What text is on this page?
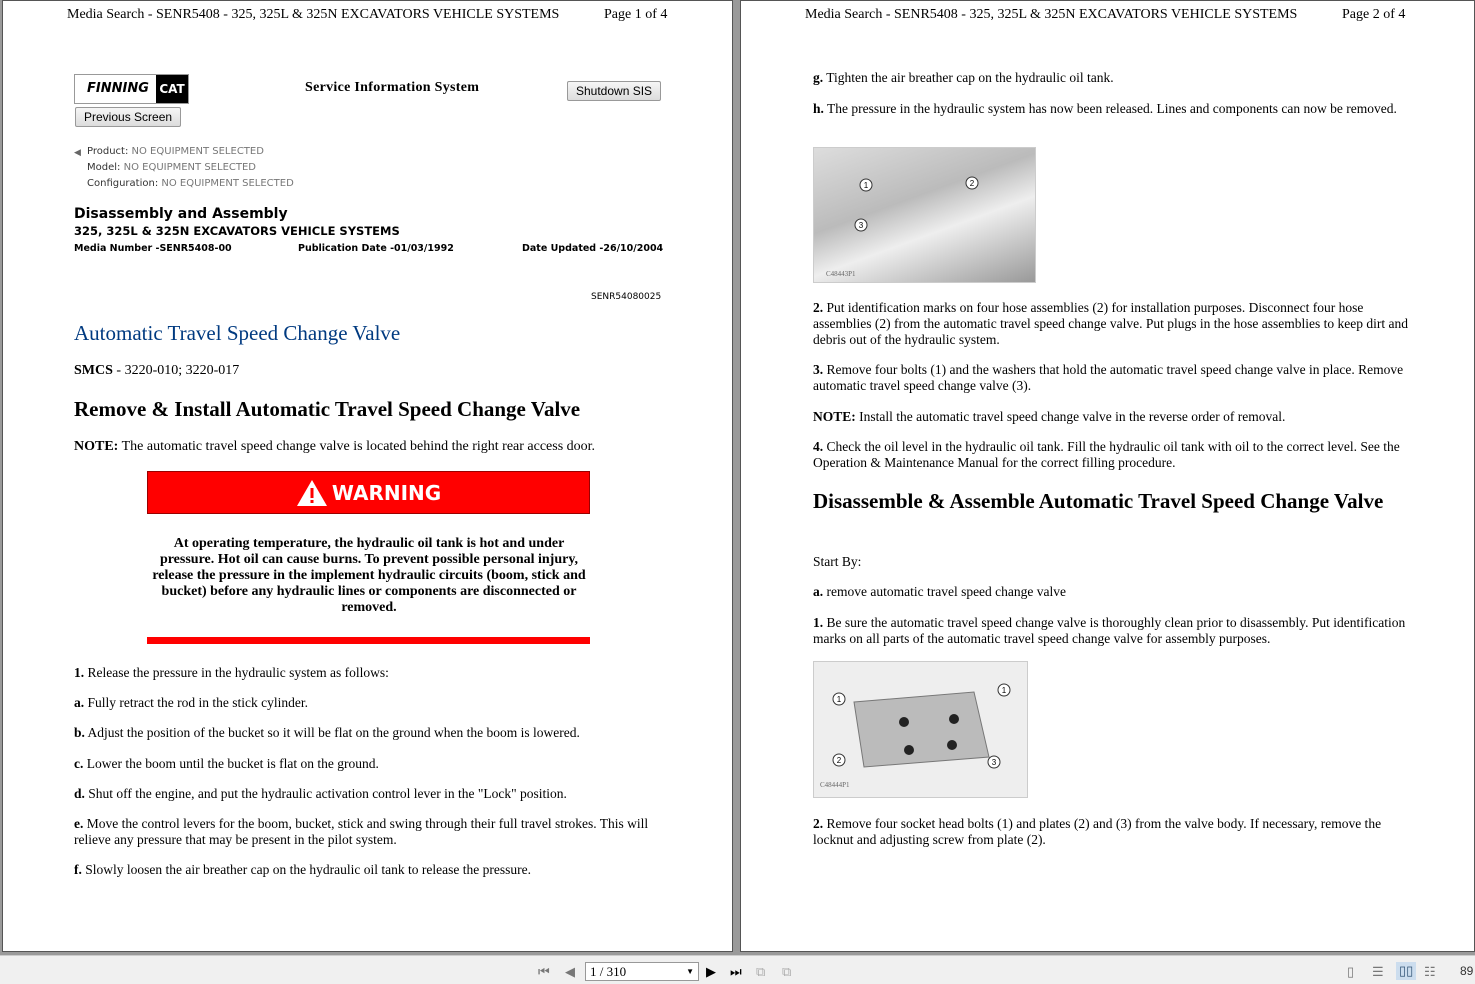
Media Search - SENR5408 - 325, 325L & 325N EXCAVATORS VEHICLE SYSTEMS	Page 1 of 4
FINNING CAT	Service Information System	Shutdown SIS
Previous Screen
◀ Product: NO EQUIPMENT SELECTED
Model: NO EQUIPMENT SELECTED
Configuration: NO EQUIPMENT SELECTED
Disassembly and Assembly
325, 325L & 325N EXCAVATORS VEHICLE SYSTEMS
Media Number -SENR5408-00	Publication Date -01/03/1992	Date Updated -26/10/2004
SENR54080025
Automatic Travel Speed Change Valve
SMCS - 3220-010; 3220-017
Remove & Install Automatic Travel Speed Change Valve
NOTE: The automatic travel speed change valve is located behind the right rear access door.
WARNING
At operating temperature, the hydraulic oil tank is hot and under pressure. Hot oil can cause burns. To prevent possible personal injury, release the pressure in the implement hydraulic circuits (boom, stick and bucket) before any hydraulic lines or components are disconnected or removed.
1. Release the pressure in the hydraulic system as follows:
a. Fully retract the rod in the stick cylinder.
b. Adjust the position of the bucket so it will be flat on the ground when the boom is lowered.
c. Lower the boom until the bucket is flat on the ground.
d. Shut off the engine, and put the hydraulic activation control lever in the "Lock" position.
e. Move the control levers for the boom, bucket, stick and swing through their full travel strokes. This will relieve any pressure that may be present in the pilot system.
f. Slowly loosen the air breather cap on the hydraulic oil tank to release the pressure.
Media Search - SENR5408 - 325, 325L & 325N EXCAVATORS VEHICLE SYSTEMS	Page 2 of 4
g. Tighten the air breather cap on the hydraulic oil tank.
h. The pressure in the hydraulic system has now been released. Lines and components can now be removed.
1	2
3
C48443P1
2. Put identification marks on four hose assemblies (2) for installation purposes. Disconnect four hose assemblies (2) from the automatic travel speed change valve. Put plugs in the hose assemblies to keep dirt and debris out of the hydraulic system.
3. Remove four bolts (1) and the washers that hold the automatic travel speed change valve in place. Remove automatic travel speed change valve (3).
NOTE: Install the automatic travel speed change valve in the reverse order of removal.
4. Check the oil level in the hydraulic oil tank. Fill the hydraulic oil tank with oil to the correct level. See the Operation & Maintenance Manual for the correct filling procedure.
Disassemble & Assemble Automatic Travel Speed Change Valve
Start By:
a. remove automatic travel speed change valve
1. Be sure the automatic travel speed change valve is thoroughly clean prior to disassembly. Put identification marks on all parts of the automatic travel speed change valve for assembly purposes.
1
1
2	3
C48444P1
2. Remove four socket head bolts (1) and plates (2) and (3) from the valve body. If necessary, remove the locknut and adjusting screw from plate (2).
⏮ ◀	1 / 310	▼ ▶ ⏭ ⧉ ⧉	▯ ☰ ▯▯ ☷ 89
